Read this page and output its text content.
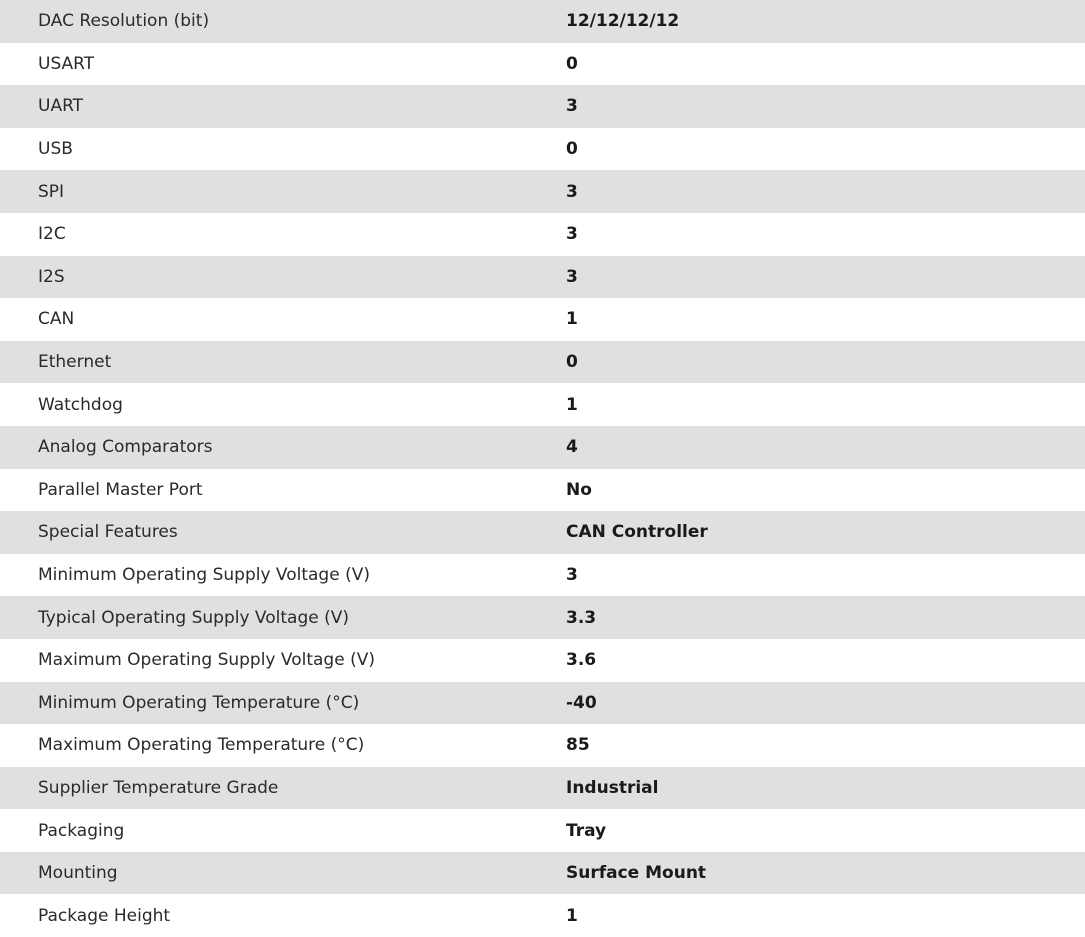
DAC Resolution (bit)	12/12/12/12
USART	0
UART	3
USB	0
SPI	3
I2C	3
I2S	3
CAN	1
Ethernet	0
Watchdog	1
Analog Comparators	4
Parallel Master Port	No
Special Features	CAN Controller
Minimum Operating Supply Voltage (V)	3
Typical Operating Supply Voltage (V)	3.3
Maximum Operating Supply Voltage (V)	3.6
Minimum Operating Temperature (°C)	-40
Maximum Operating Temperature (°C)	85
Supplier Temperature Grade	Industrial
Packaging	Tray
Mounting	Surface Mount
Package Height	1
